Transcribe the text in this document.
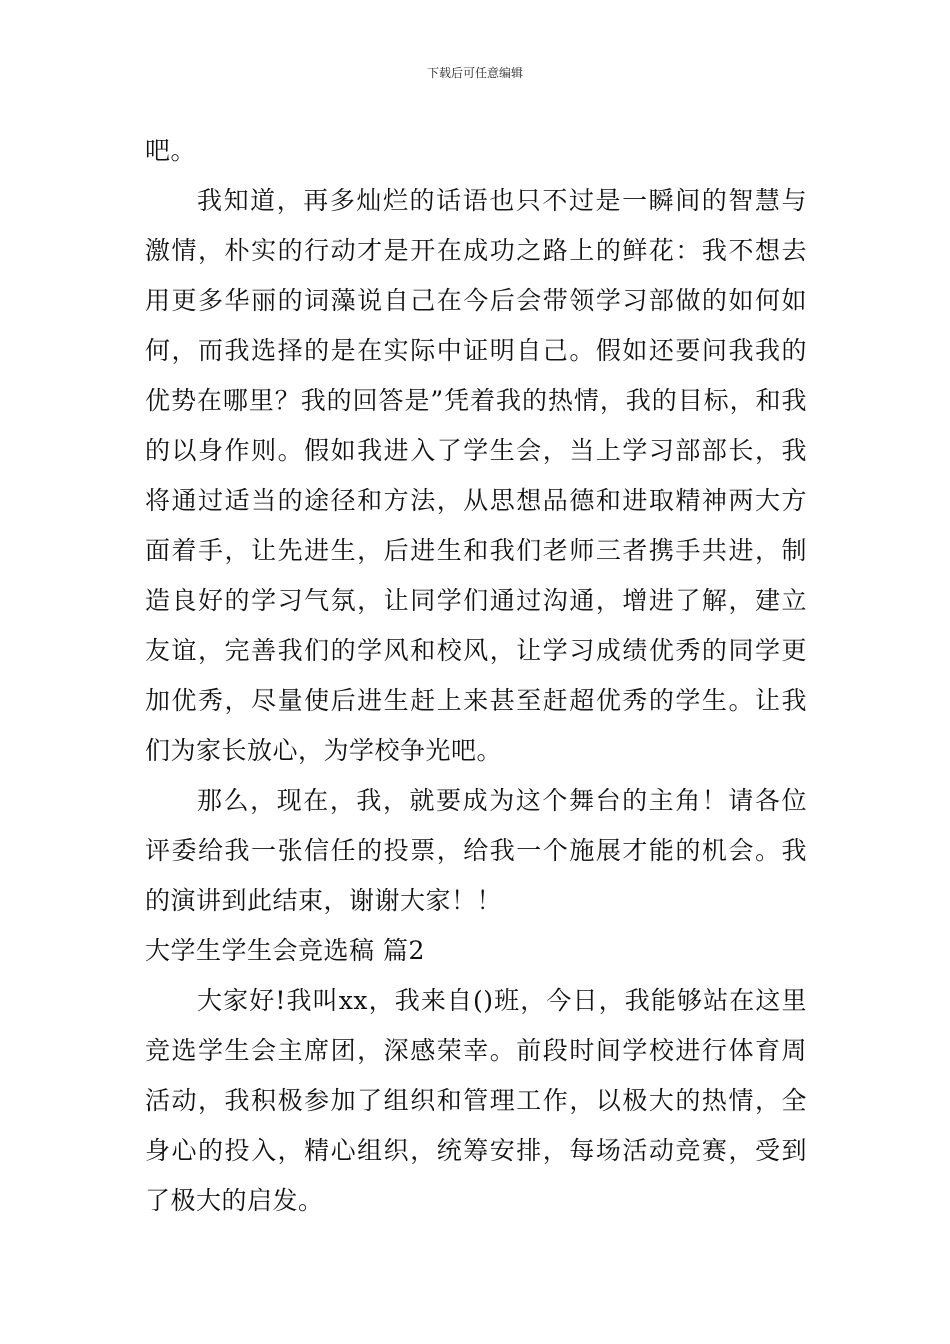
下载后可任意编辑

吧。

我知道，再多灿烂的话语也只不过是一瞬间的智慧与激情，朴实的行动才是开在成功之路上的鲜花：我不想去用更多华丽的词藻说自己在今后会带领学习部做的如何如何，而我选择的是在实际中证明自己。假如还要问我我的优势在哪里？我的回答是”凭着我的热情，我的目标，和我的以身作则。假如我进入了学生会，当上学习部部长，我将通过适当的途径和方法，从思想品德和进取精神两大方面着手，让先进生，后进生和我们老师三者携手共进，制造良好的学习气氛，让同学们通过沟通，增进了解，建立友谊，完善我们的学风和校风，让学习成绩优秀的同学更加优秀，尽量使后进生赶上来甚至赶超优秀的学生。让我们为家长放心，为学校争光吧。

那么，现在，我，就要成为这个舞台的主角！请各位评委给我一张信任的投票，给我一个施展才能的机会。我的演讲到此结束，谢谢大家！！

大学生学生会竞选稿 篇2

大家好!我叫xx，我来自()班，今日，我能够站在这里竞选学生会主席团，深感荣幸。前段时间学校进行体育周活动，我积极参加了组织和管理工作，以极大的热情，全身心的投入，精心组织，统筹安排，每场活动竞赛，受到了极大的启发。
